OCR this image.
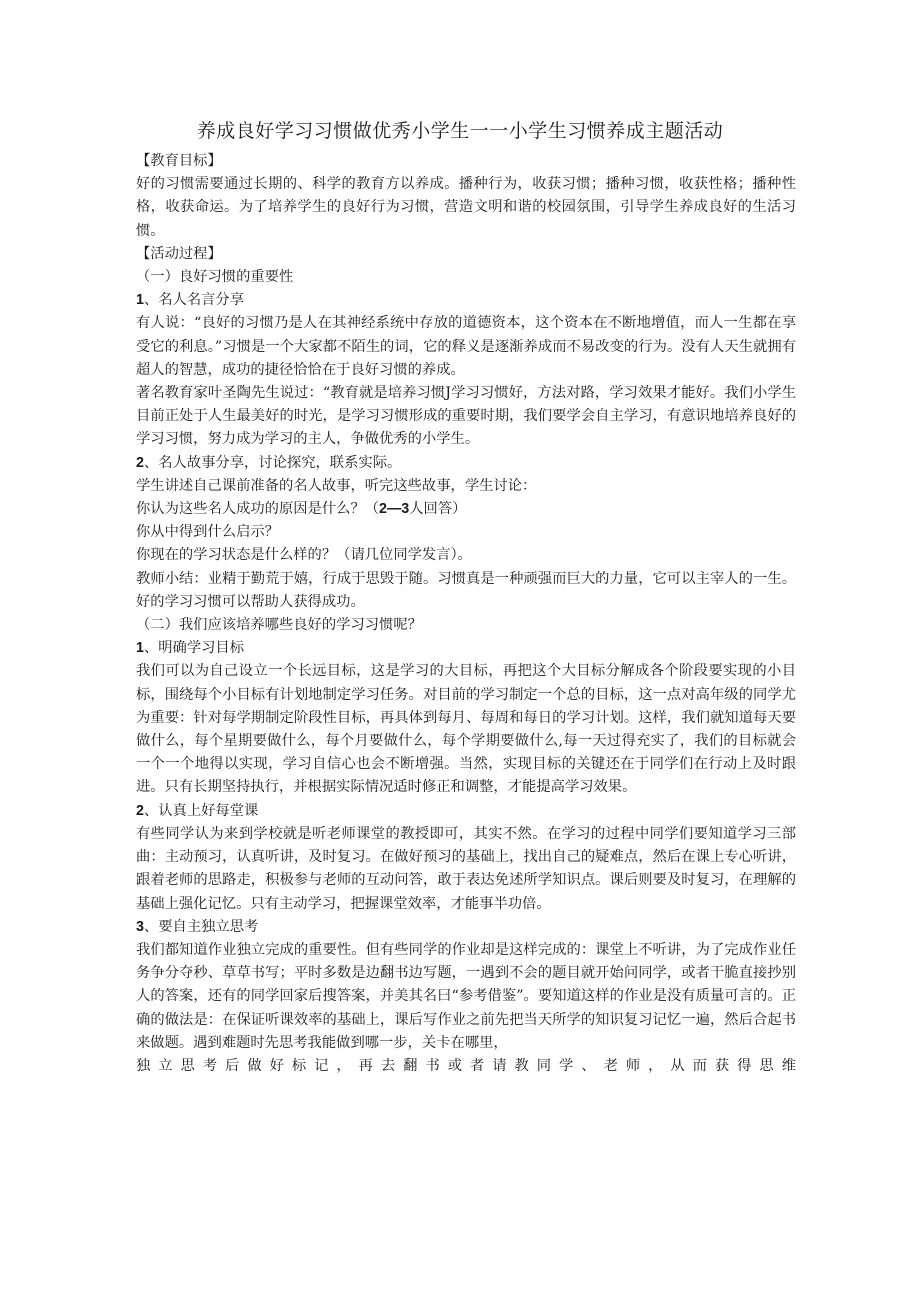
养成良好学习习惯做优秀小学生一一小学生习惯养成主题活动

【教育目标】

好的习惯需要通过长期的、科学的教育方以养成。播种行为，收获习惯；播种习惯，收获性格；播种性格，收获命运。为了培养学生的良好行为习惯，营造文明和谐的校园氛围，引导学生养成良好的生活习惯。

【活动过程】

（一）良好习惯的重要性

1、名人名言分享

有人说：“良好的习惯乃是人在其神经系统中存放的道德资本，这个资本在不断地增值，而人一生都在享受它的利息。”习惯是一个大家都不陌生的词，它的释义是逐渐养成而不易改变的行为。没有人天生就拥有超人的智慧，成功的捷径恰恰在于良好习惯的养成。

著名教育家叶圣陶先生说过：“教育就是培养习惯J学习习惯好，方法对路，学习效果才能好。我们小学生目前正处于人生最美好的时光，是学习习惯形成的重要时期，我们要学会自主学习，有意识地培养良好的学习习惯，努力成为学习的主人，争做优秀的小学生。

2、名人故事分享，讨论探究，联系实际。

学生讲述自己课前准备的名人故事，听完这些故事，学生讨论：

你认为这些名人成功的原因是什么？（2—3人回答）

你从中得到什么启示？

你现在的学习状态是什么样的？（请几位同学发言）。

教师小结：业精于勤荒于嬉，行成于思毁于随。习惯真是一种顽强而巨大的力量，它可以主宰人的一生。好的学习习惯可以帮助人获得成功。

（二）我们应该培养哪些良好的学习习惯呢？

1、明确学习目标

我们可以为自己设立一个长远目标，这是学习的大目标，再把这个大目标分解成各个阶段要实现的小目标，围绕每个小目标有计划地制定学习任务。对目前的学习制定一个总的目标，这一点对高年级的同学尤为重要：针对每学期制定阶段性目标，再具体到每月、每周和每日的学习计划。这样，我们就知道每天要做什么，每个星期要做什么，每个月要做什么，每个学期要做什么,每一天过得充实了，我们的目标就会一个一个地得以实现，学习自信心也会不断增强。当然，实现目标的关键还在于同学们在行动上及时跟进。只有长期坚持执行，并根据实际情况适时修正和调整，才能提高学习效果。

2、认真上好每堂课

有些同学认为来到学校就是听老师课堂的教授即可，其实不然。在学习的过程中同学们要知道学习三部曲：主动预习，认真听讲，及时复习。在做好预习的基础上，找出自己的疑难点，然后在课上专心听讲，跟着老师的思路走，积极参与老师的互动问答，敢于表达免述所学知识点。课后则要及时复习，在理解的基础上强化记忆。只有主动学习，把握课堂效率，才能事半功倍。

3、要自主独立思考

我们都知道作业独立完成的重要性。但有些同学的作业却是这样完成的：课堂上不听讲，为了完成作业任务争分夺秒、草草书写；平时多数是边翻书边写题，一遇到不会的题目就开始问同学，或者干脆直接抄别人的答案，还有的同学回家后搜答案，并美其名曰“参考借鉴”。要知道这样的作业是没有质量可言的。正确的做法是：在保证听课效率的基础上，课后写作业之前先把当天所学的知识复习记忆一遍，然后合起书来做题。遇到难题时先思考我能做到哪一步，关卡在哪里，

独立思考后做好标记，再去翻书或者请教同学、老师，从而获得思维
